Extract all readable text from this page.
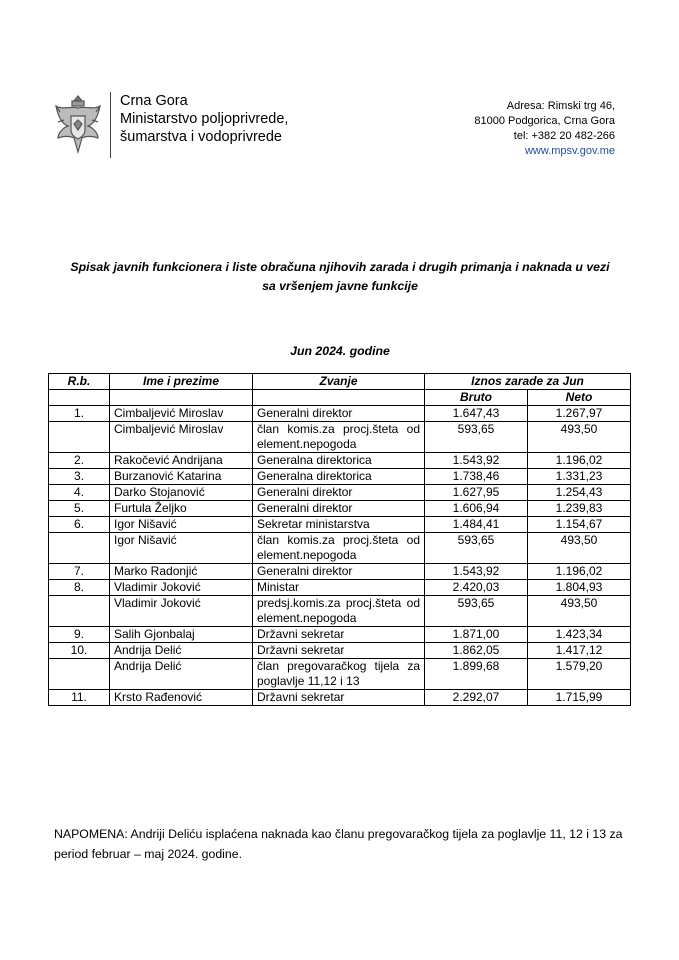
Crna Gora
Ministarstvo poljoprivrede,
šumarstva i vodoprivrede
Adresa: Rimski trg 46,
81000 Podgorica, Crna Gora
tel: +382 20 482-266
www.mpsv.gov.me
Spisak javnih funkcionera i liste obračuna njihovih zarada i drugih primanja i naknada u vezi
sa vršenjem javne funkcije
Jun 2024. godine
R.b.	Ime i prezime	Zvanje	Iznos zarade za Jun	
			Bruto	Neto
1.	Cimbaljević Miroslav	Generalni direktor	1.647,43	1.267,97
	Cimbaljević Miroslav	član komis.za procj.šteta od element.nepogoda	593,65	493,50
2.	Rakočević Andrijana	Generalna direktorica	1.543,92	1.196,02
3.	Burzanović Katarina	Generalna direktorica	1.738,46	1.331,23
4.	Darko Stojanović	Generalni direktor	1.627,95	1.254,43
5.	Furtula Željko	Generalni direktor	1.606,94	1.239,83
6.	Igor Nišavić	Sekretar ministarstva	1.484,41	1.154,67
	Igor Nišavić	član komis.za procj.šteta od element.nepogoda	593,65	493,50
7.	Marko Radonjić	Generalni direktor	1.543,92	1.196,02
8.	Vladimir Joković	Ministar	2.420,03	1.804,93
	Vladimir Joković	predsj.komis.za procj.šteta od element.nepogoda	593,65	493,50
9.	Salih Gjonbalaj	Državni sekretar	1.871,00	1.423,34
10.	Andrija Delić	Državni sekretar	1.862,05	1.417,12
	Andrija Delić	član pregovaračkog tijela za poglavlje 11,12 i 13	1.899,68	1.579,20
11.	Krsto Rađenović	Državni sekretar	2.292,07	1.715,99
NAPOMENA: Andriji Deliću isplaćena naknada kao članu pregovaračkog tijela za poglavlje 11, 12 i 13 za period februar – maj 2024. godine.
